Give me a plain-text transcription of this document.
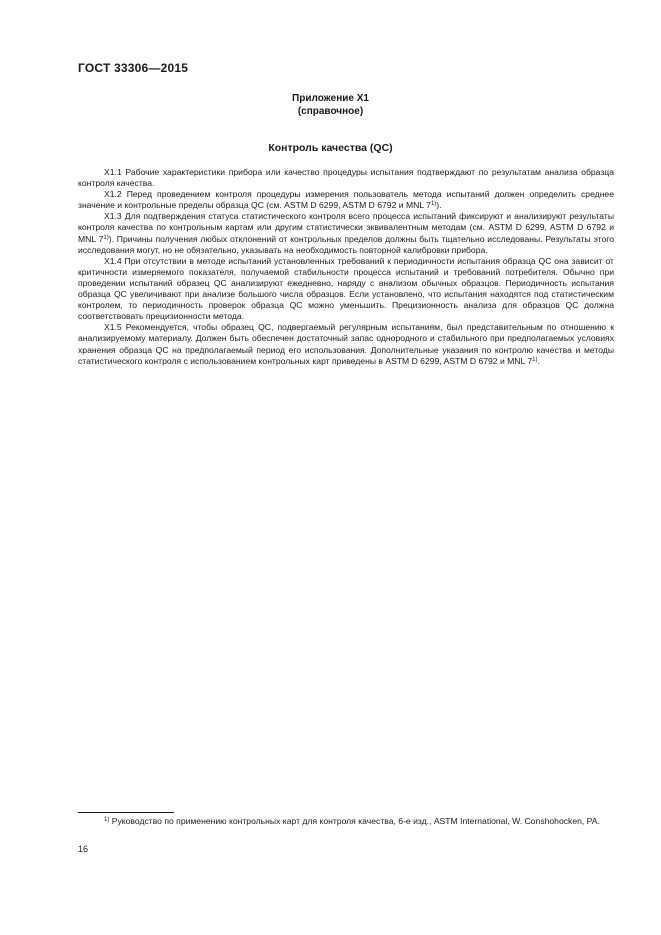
ГОСТ 33306—2015
Приложение Х1
(справочное)
Контроль качества (QC)

X1.1 Рабочие характеристики прибора или качество процедуры испытания подтверждают по результатам анализа образца контроля качества.

X1.2 Перед проведением контроля процедуры измерения пользователь метода испытаний должен определить среднее значение и контрольные пределы образца QC (см. ASTM D 6299, ASTM D 6792 и MNL 7$^{1)}$).

X1.3 Для подтверждения статуса статистического контроля всего процесса испытаний фиксируют и анализируют результаты контроля качества по контрольным картам или другим статистически эквивалентным методам (см. ASTM D 6299, ASTM D 6792 и MNL 7$^{1)}$). Причины получения любых отклонений от контрольных пределов должны быть тщательно исследованы. Результаты этого исследования могут, но не обязательно, указывать на необходимость повторной калибровки прибора.

X1.4 При отсутствии в методе испытаний установленных требований к периодичности испытания образца QC она зависит от критичности измеряемого показателя, получаемой стабильности процесса испытаний и требований потребителя. Обычно при проведении испытаний образец QC анализируют ежедневно, наряду с анализом обычных образцов. Периодичность испытания образца QC увеличивают при анализе большого числа образцов. Если установлено, что испытания находятся под статистическим контролем, то периодичность проверок образца QC можно уменьшить. Прецизионность анализа для образцов QC должна соответствовать прецизионности метода.

X1.5 Рекомендуется, чтобы образец QC, подвергаемый регулярным испытаниям, был представительным по отношению к анализируемому материалу. Должен быть обеспечен достаточный запас однородного и стабильного при предполагаемых условиях хранения образца QC на предполагаемый период его использования. Дополнительные указания по контролю качества и методы статистического контроля с использованием контрольных карт приведены в ASTM D 6299, ASTM D 6792 и MNL 7$^{1)}$.

$^{1)}$ Руководство по применению контрольных карт для контроля качества, 6-е изд., ASTM International, W. Conshohocken, PA.

16
